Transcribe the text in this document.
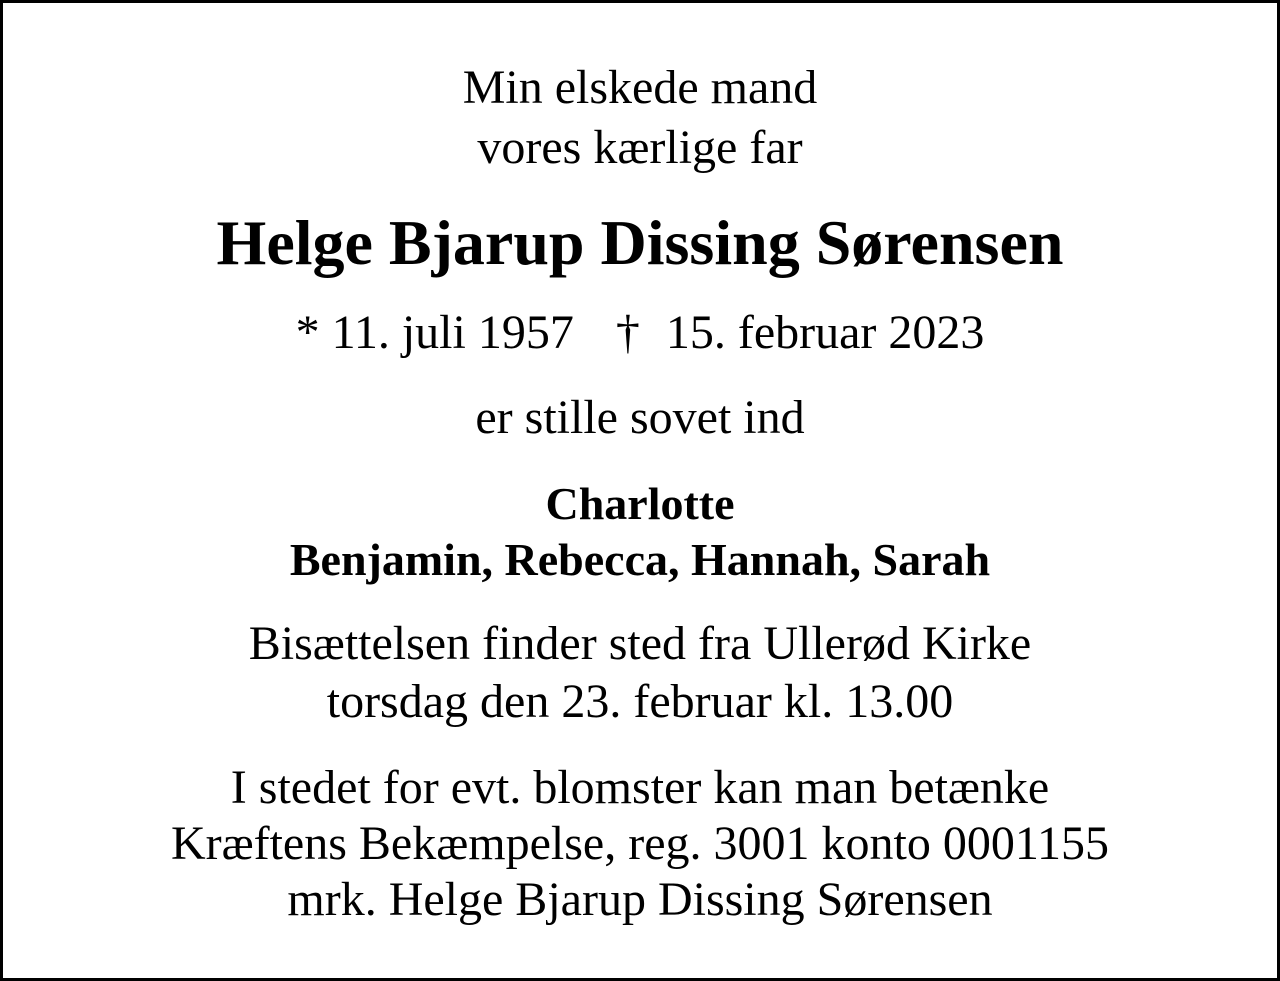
Min elskede mand
vores kærlige far
Helge Bjarup Dissing Sørensen
* 11. juli 1957 † 15. februar 2023
er stille sovet ind
Charlotte
Benjamin, Rebecca, Hannah, Sarah
Bisættelsen finder sted fra Ullerød Kirke
torsdag den 23. februar kl. 13.00
I stedet for evt. blomster kan man betænke
Kræftens Bekæmpelse, reg. 3001 konto 0001155
mrk. Helge Bjarup Dissing Sørensen
